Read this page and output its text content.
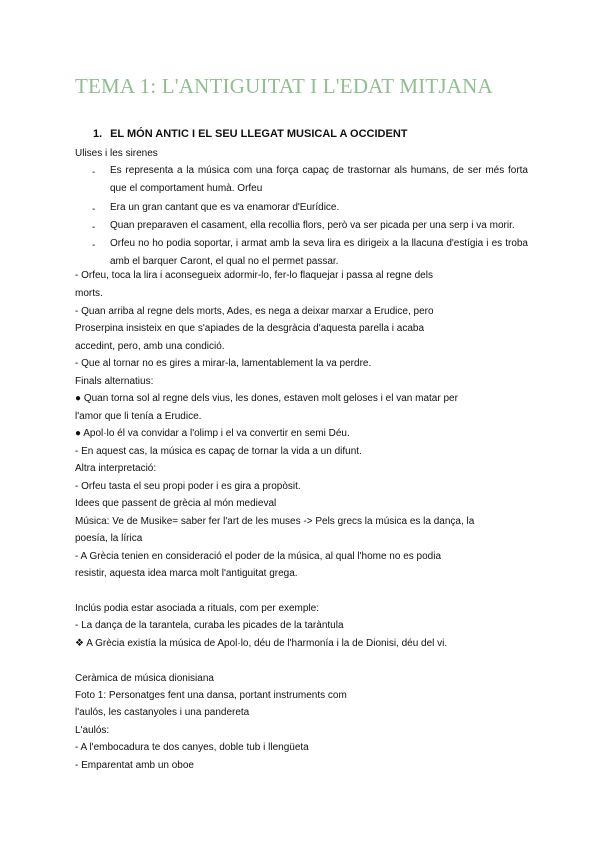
TEMA 1: L'ANTIGUITAT I L'EDAT MITJANA
1. EL MÓN ANTIC I EL SEU LLEGAT MUSICAL A OCCIDENT
Ulises i les sirenes
- Es representa a la música com una força capaç de trastornar als humans, de ser més forta
que el comportament humà. Orfeu
- Era un gran cantant que es va enamorar d'Eurídice.
- Quan preparaven el casament, ella recollia flors, però va ser picada per una serp i va morir.
- Orfeu no ho podia soportar, i armat amb la seva lira es dirigeix a la llacuna d'estígia i es troba
amb el barquer Caront, el qual no el permet passar.
- Orfeu, toca la lira i aconsegueix adormir-lo, fer-lo flaquejar i passa al regne dels
morts.
- Quan arriba al regne dels morts, Ades, es nega a deixar marxar a Erudice, pero
Proserpina insisteix en que s'apiades de la desgràcia d'aquesta parella i acaba
accedint, pero, amb una condició.
- Que al tornar no es gires a mirar-la, lamentablement la va perdre.
Finals alternatius:
● Quan torna sol al regne dels vius, les dones, estaven molt geloses i el van matar per
l'amor que li tenía a Erudice.
● Apol·lo él va convidar a l'olimp i el va convertir en semi Déu.
- En aquest cas, la música es capaç de tornar la vida a un difunt.
Altra interpretació:
- Orfeu tasta el seu propi poder i es gira a propòsit.
Idees que passent de grècia al món medieval
Música: Ve de Musike= saber fer l'art de les muses -> Pels grecs la música es la dança, la
poesía, la lírica
- A Grècia tenien en consideració el poder de la música, al qual l'home no es podia
resistir, aquesta idea marca molt l'antiguitat grega.
Inclús podia estar asociada a rituals, com per exemple:
- La dança de la tarantela, curaba les picades de la taràntula
❖ A Grècia existía la música de Apol·lo, déu de l'harmonía i la de Dionisi, déu del vi.
Ceràmica de música dionisiana
Foto 1: Personatges fent una dansa, portant instruments com
l'aulós, les castanyoles i una pandereta
L'aulós:
- A l'embocadura te dos canyes, doble tub i llengüeta
- Emparentat amb un oboe
